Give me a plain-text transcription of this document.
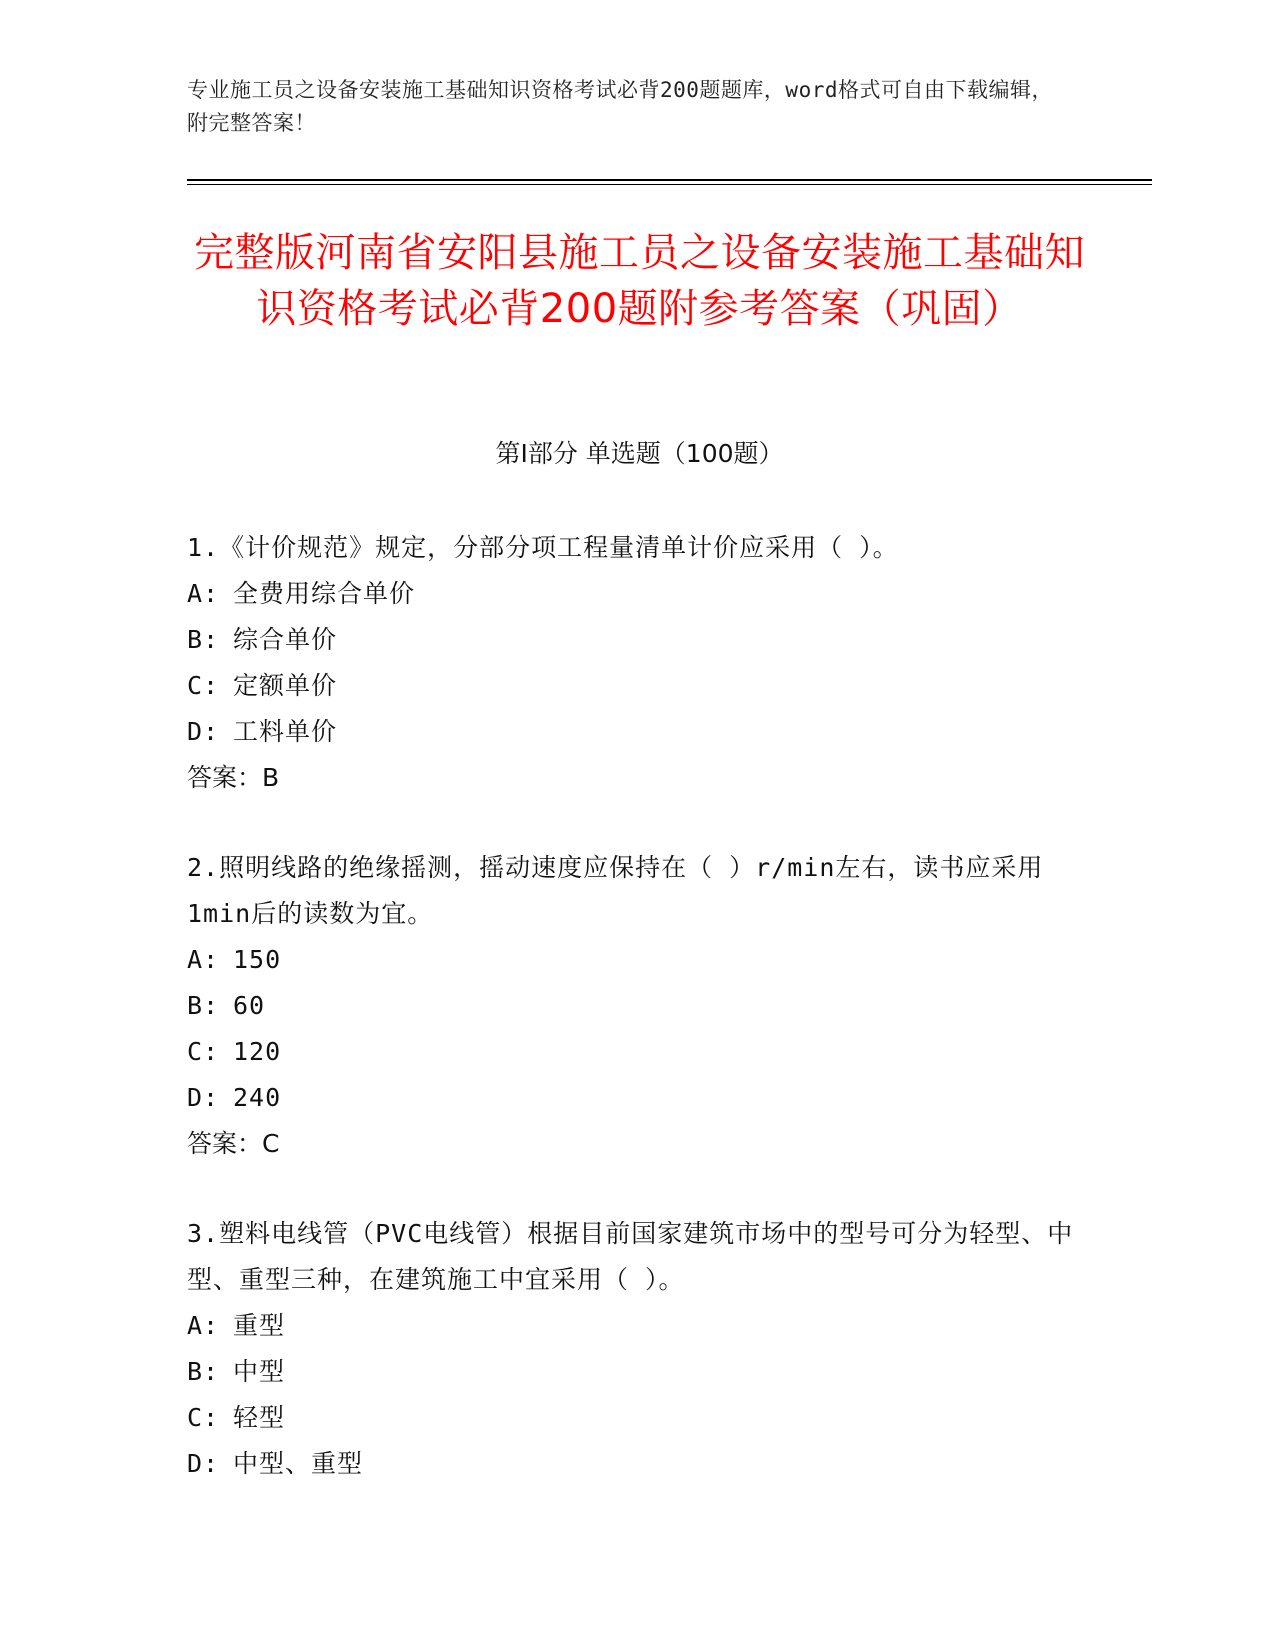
专业施工员之设备安装施工基础知识资格考试必背200题题库，word格式可自由下载编辑，附完整答案！
完整版河南省安阳县施工员之设备安装施工基础知识资格考试必背200题附参考答案（巩固）
第I部分 单选题（100题）

1.《计价规范》规定，分部分项工程量清单计价应采用（ ）。

A: 全费用综合单价

B: 综合单价

C: 定额单价

D: 工料单价

答案：B

2.照明线路的绝缘摇测，摇动速度应保持在（ ）r/min左右，读书应采用1min后的读数为宜。

A: 150

B: 60

C: 120

D: 240

答案：C

3.塑料电线管（PVC电线管）根据目前国家建筑市场中的型号可分为轻型、中型、重型三种，在建筑施工中宜采用（ ）。

A: 重型

B: 中型

C: 轻型

D: 中型、重型
